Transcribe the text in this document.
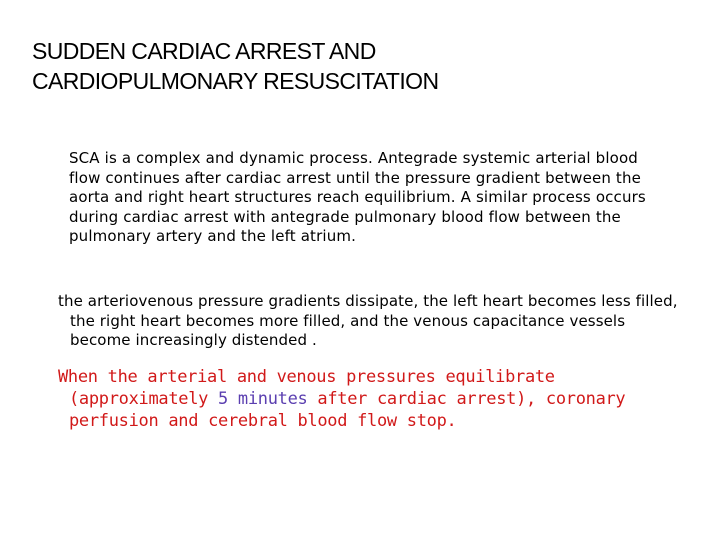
SUDDEN CARDIAC ARREST AND
CARDIOPULMONARY RESUSCITATION

SCA is a complex and dynamic process. Antegrade systemic arterial blood flow continues after cardiac arrest until the pressure gradient between the aorta and right heart structures reach equilibrium. A similar process occurs during cardiac arrest with antegrade pulmonary blood flow between the pulmonary artery and the left atrium.

the arteriovenous pressure gradients dissipate, the left heart becomes less filled, the right heart becomes more filled, and the venous capacitance vessels become increasingly distended .

When the arterial and venous pressures equilibrate (approximately 5 minutes after cardiac arrest), coronary perfusion and cerebral blood flow stop.
